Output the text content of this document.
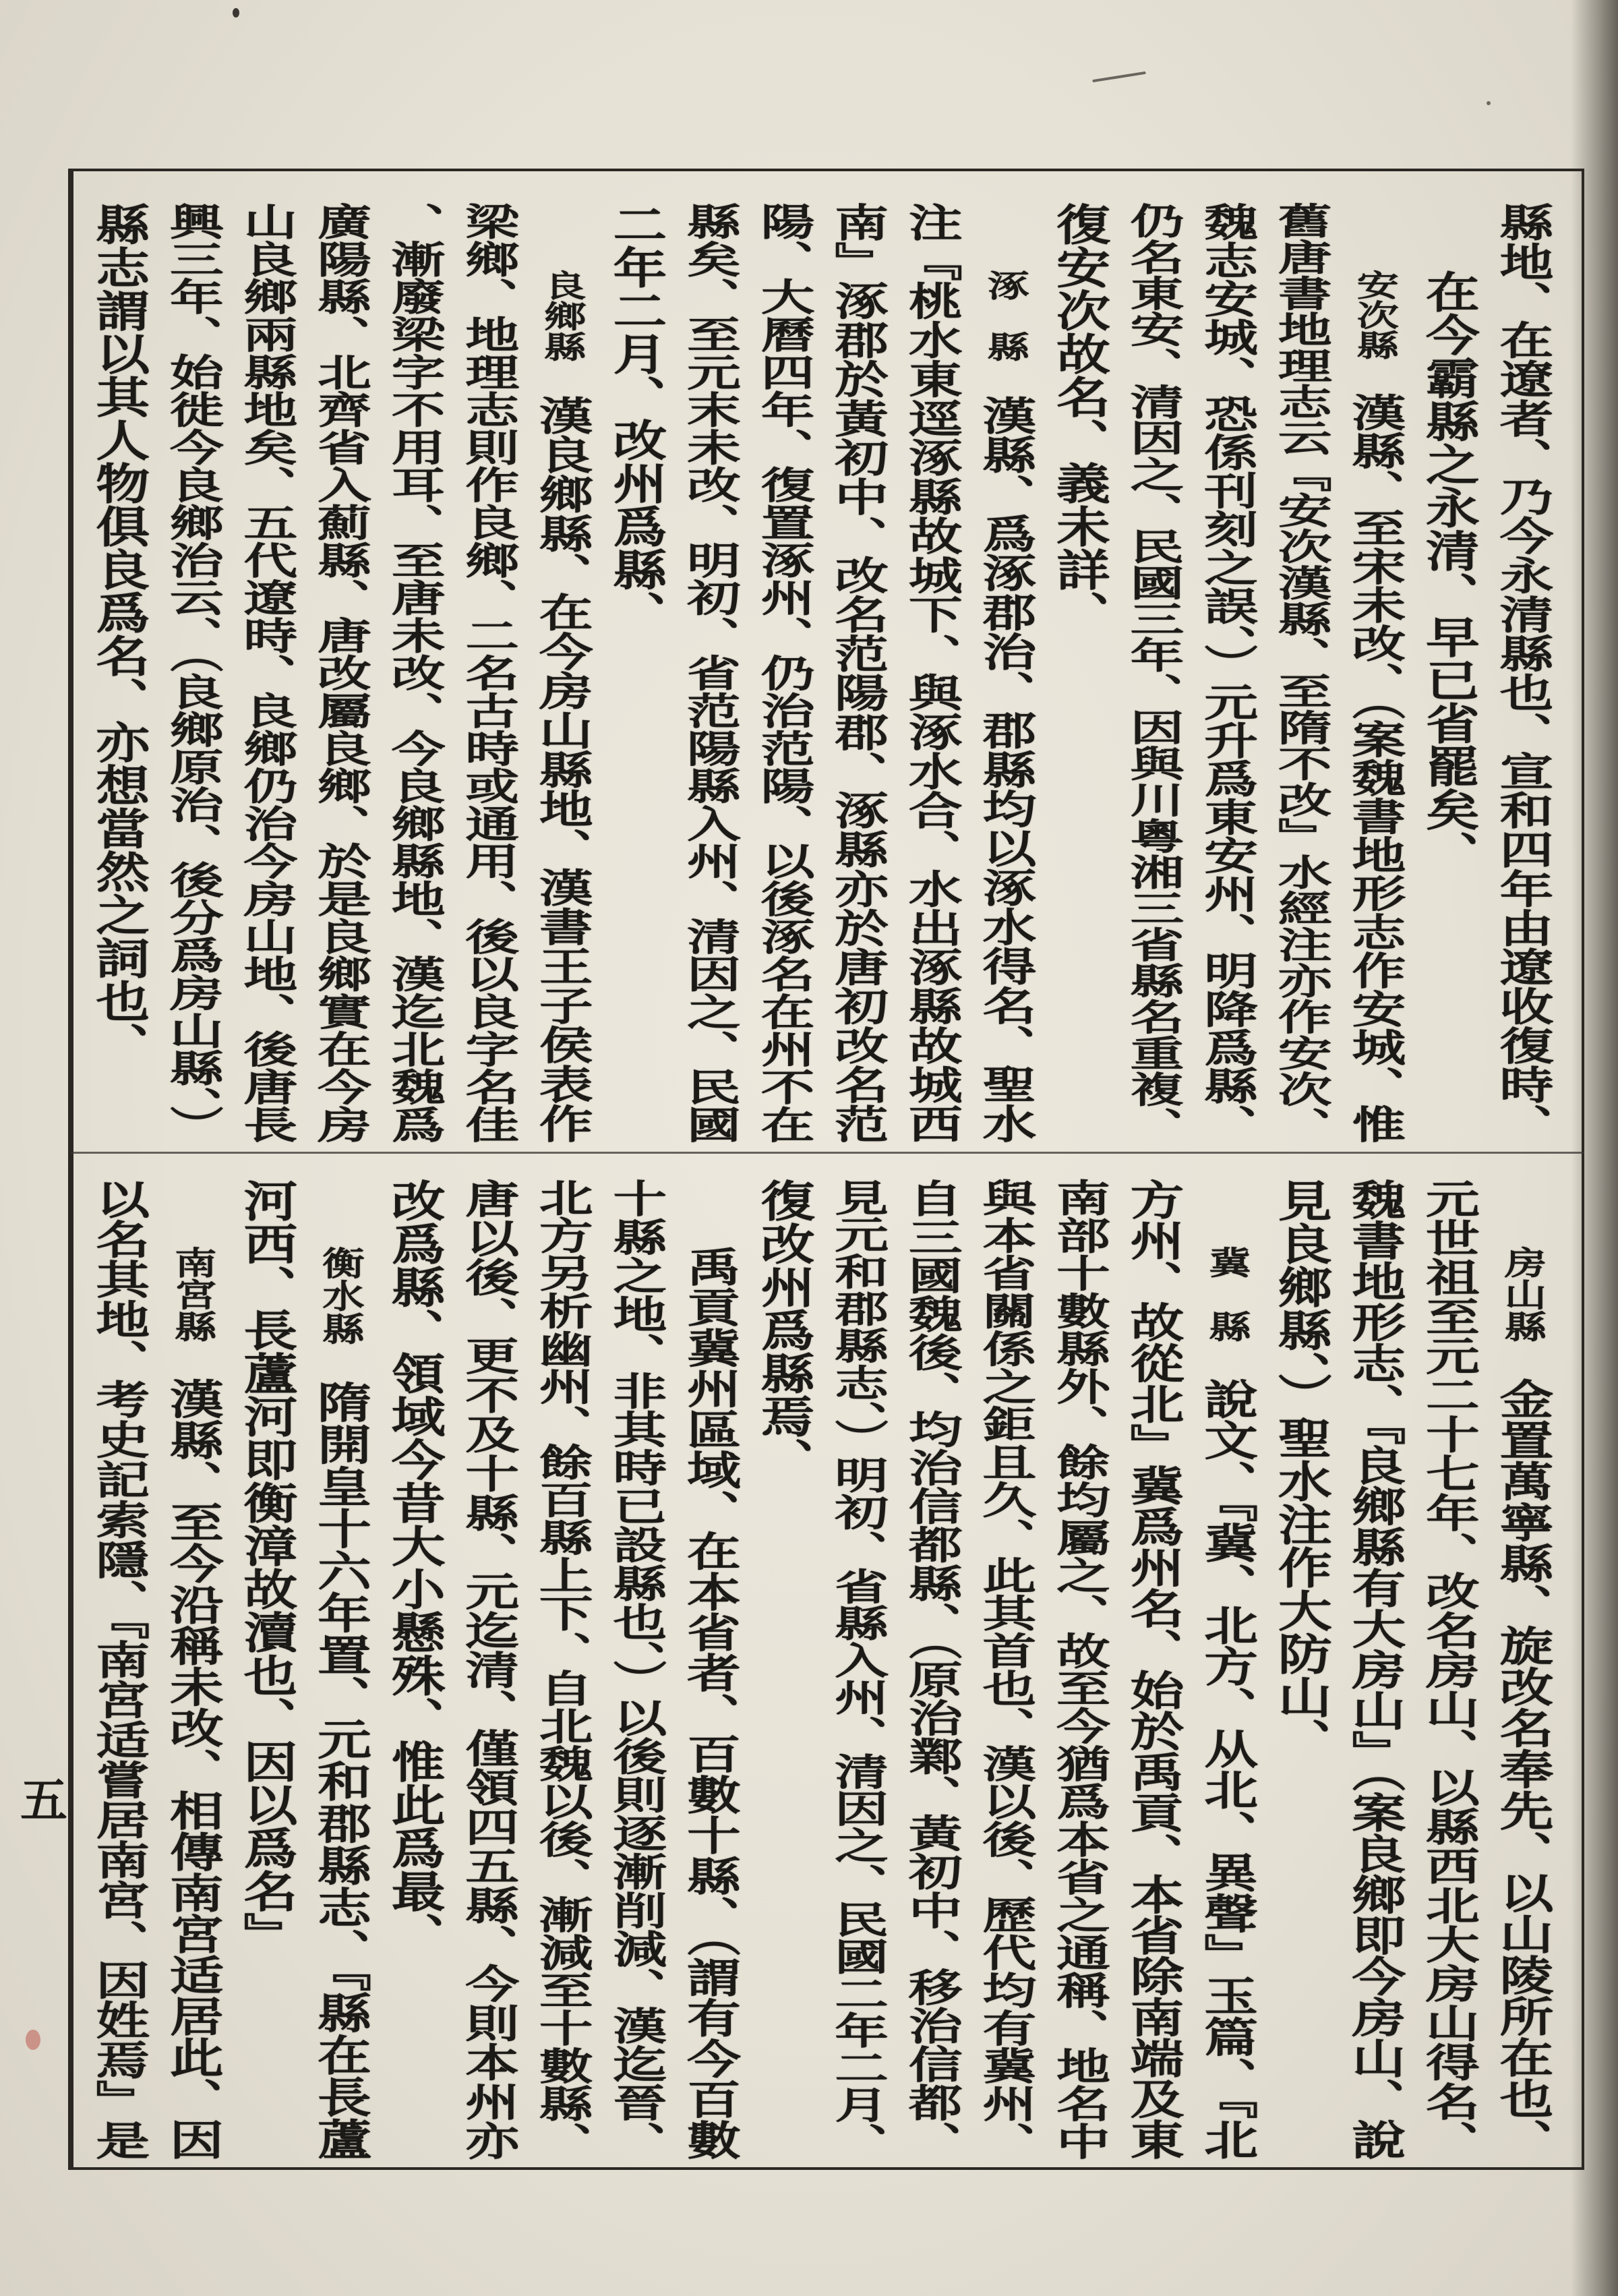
五
縣地、在遼者、乃今永清縣也、宣和四年由遼收復時、
在今霸縣之永清、早已省罷矣、
安次縣漢縣、至宋未改、（案魏書地形志作安城、惟
舊唐書地理志云『安次漢縣、至隋不改』水經注亦作安次、
魏志安城、恐係刊刻之誤、）元升爲東安州、明降爲縣、
仍名東安、清因之、民國三年、因與川粵湘三省縣名重複、
復安次故名、義未詳、
涿　縣漢縣、爲涿郡治、郡縣均以涿水得名、聖水
注『桃水東逕涿縣故城下、與涿水合、水出涿縣故城西
南』涿郡於黃初中、改名范陽郡、涿縣亦於唐初改名范
陽、大曆四年、復置涿州、仍治范陽、以後涿名在州不在
縣矣、至元末未改、明初、省范陽縣入州、清因之、民國
二年二月、改州爲縣、
良鄉縣漢良鄉縣、在今房山縣地、漢書王子侯表作
梁鄉、地理志則作良鄉、二名古時或通用、後以良字名佳
、漸廢梁字不用耳、至唐未改、今良鄉縣地、漢迄北魏爲
廣陽縣、北齊省入薊縣、唐改屬良鄉、於是良鄉實在今房
山良鄉兩縣地矣、五代遼時、良鄉仍治今房山地、後唐長
興三年、始徙今良鄉治云、（良鄉原治、後分爲房山縣、）
縣志謂以其人物俱良爲名、亦想當然之詞也、
房山縣金置萬寧縣、旋改名奉先、以山陵所在也、
元世祖至元二十七年、改名房山、以縣西北大房山得名、
魏書地形志、『良鄉縣有大房山』（案良鄉即今房山、說
見良鄉縣、）聖水注作大防山、
冀　縣說文、『冀、北方、从北、異聲』玉篇、『北
方州、故從北』冀爲州名、始於禹貢、本省除南端及東
南部十數縣外、餘均屬之、故至今猶爲本省之通稱、地名中
與本省關係之鉅且久、此其首也、漢以後、歷代均有冀州、
自三國魏後、均治信都縣、（原治鄴、黃初中、移治信都、
見元和郡縣志、）明初、省縣入州、清因之、民國二年二月、
復改州爲縣焉、
禹貢冀州區域、在本省者、百數十縣、（謂有今百數
十縣之地、非其時已設縣也、）以後則逐漸削減、漢迄晉、
北方另析幽州、餘百縣上下、自北魏以後、漸減至十數縣、
唐以後、更不及十縣、元迄清、僅領四五縣、今則本州亦
改爲縣、領域今昔大小懸殊、惟此爲最、
衡水縣隋開皇十六年置、元和郡縣志、『縣在長蘆
河西、長蘆河即衡漳故瀆也、因以爲名』
南宮縣漢縣、至今沿稱未改、相傳南宮适居此、因
以名其地、考史記索隱、『南宮适嘗居南宮、因姓焉』是
